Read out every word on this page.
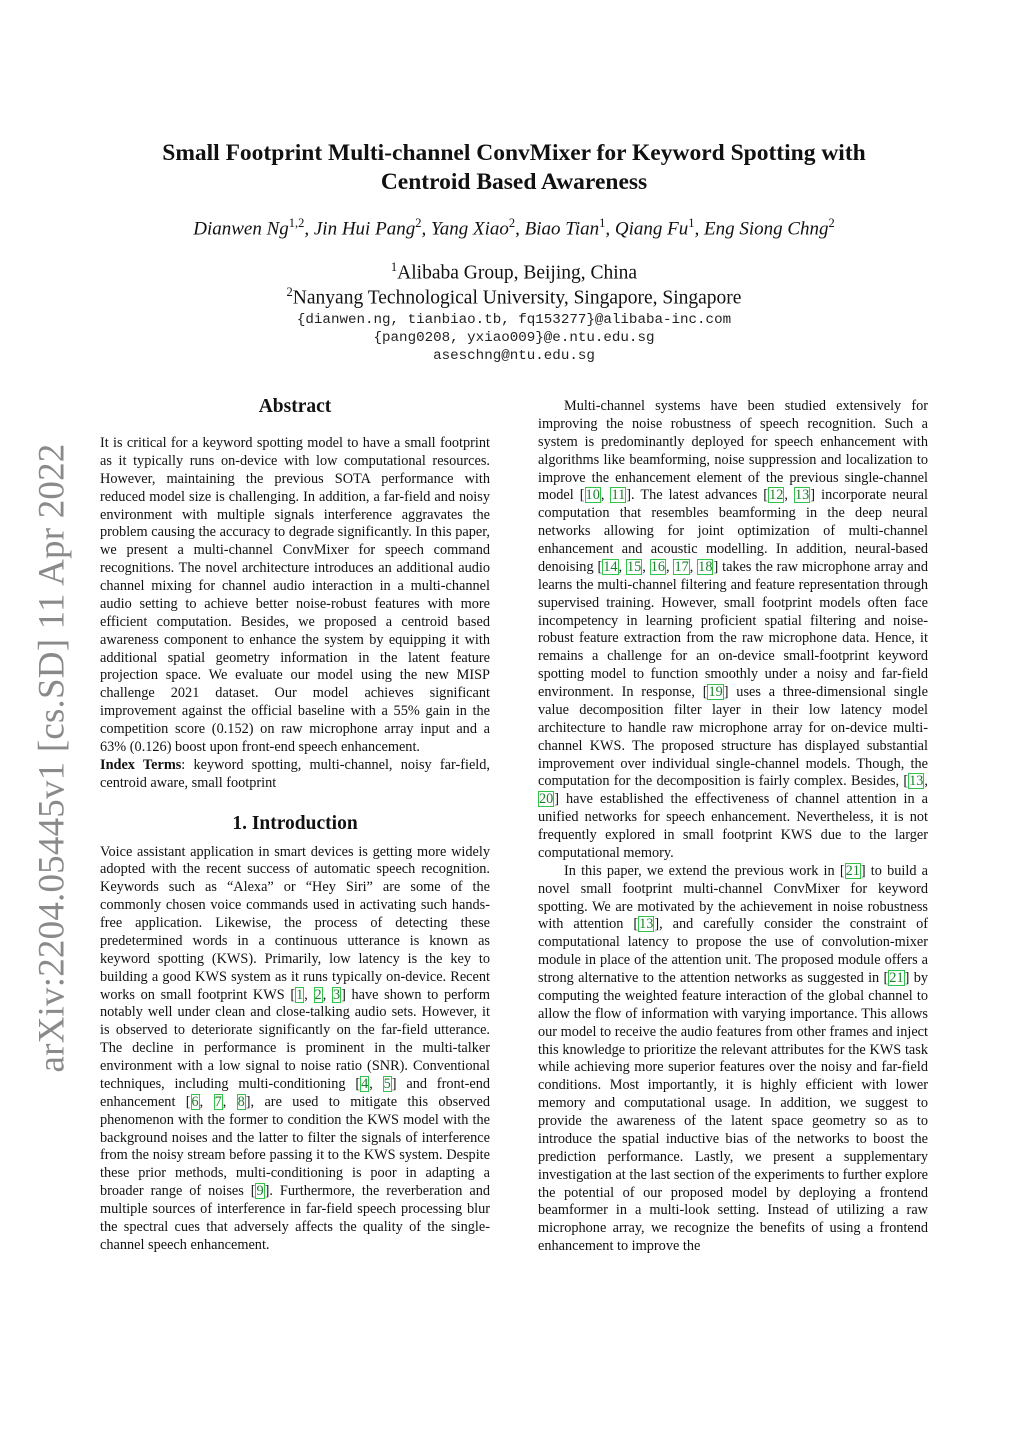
arXiv:2204.05445v1 [cs.SD] 11 Apr 2022
Small Footprint Multi-channel ConvMixer for Keyword Spotting with
Centroid Based Awareness
Dianwen Ng$^{1,2}$, Jin Hui Pang$^2$, Yang Xiao$^2$, Biao Tian$^1$, Qiang Fu$^1$, Eng Siong Chng$^2$
$^1$Alibaba Group, Beijing, China
$^2$Nanyang Technological University, Singapore, Singapore
{dianwen.ng, tianbiao.tb, fq153277}@alibaba-inc.com
{pang0208, yxiao009}@e.ntu.edu.sg
aseschng@ntu.edu.sg
Abstract

It is critical for a keyword spotting model to have a small footprint as it typically runs on-device with low computational resources. However, maintaining the previous SOTA performance with reduced model size is challenging. In addition, a far-field and noisy environment with multiple signals interference aggravates the problem causing the accuracy to degrade significantly. In this paper, we present a multi-channel ConvMixer for speech command recognitions. The novel architecture introduces an additional audio channel mixing for channel audio interaction in a multi-channel audio setting to achieve better noise-robust features with more efficient computation. Besides, we proposed a centroid based awareness component to enhance the system by equipping it with additional spatial geometry information in the latent feature projection space. We evaluate our model using the new MISP challenge 2021 dataset. Our model achieves significant improvement against the official baseline with a 55% gain in the competition score (0.152) on raw microphone array input and a 63% (0.126) boost upon front-end speech enhancement.

Index Terms: keyword spotting, multi-channel, noisy far-field, centroid aware, small footprint

1. Introduction

Voice assistant application in smart devices is getting more widely adopted with the recent success of automatic speech recognition. Keywords such as “Alexa” or “Hey Siri” are some of the commonly chosen voice commands used in activating such hands-free application. Likewise, the process of detecting these predetermined words in a continuous utterance is known as keyword spotting (KWS). Primarily, low latency is the key to building a good KWS system as it runs typically on-device. Recent works on small footprint KWS [1, 2, 3] have shown to perform notably well under clean and close-talking audio sets. However, it is observed to deteriorate significantly on the far-field utterance. The decline in performance is prominent in the multi-talker environment with a low signal to noise ratio (SNR). Conventional techniques, including multi-conditioning [4, 5] and front-end enhancement [6, 7, 8], are used to mitigate this observed phenomenon with the former to condition the KWS model with the background noises and the latter to filter the signals of interference from the noisy stream before passing it to the KWS system. Despite these prior methods, multi-conditioning is poor in adapting a broader range of noises [9]. Furthermore, the reverberation and multiple sources of interference in far-field speech processing blur the spectral cues that adversely affects the quality of the single-channel speech enhancement.

Multi-channel systems have been studied extensively for improving the noise robustness of speech recognition. Such a system is predominantly deployed for speech enhancement with algorithms like beamforming, noise suppression and localization to improve the enhancement element of the previous single-channel model [10, 11]. The latest advances [12, 13] incorporate neural computation that resembles beamforming in the deep neural networks allowing for joint optimization of multi-channel enhancement and acoustic modelling. In addition, neural-based denoising [14, 15, 16, 17, 18] takes the raw microphone array and learns the multi-channel filtering and feature representation through supervised training. However, small footprint models often face incompetency in learning proficient spatial filtering and noise-robust feature extraction from the raw microphone data. Hence, it remains a challenge for an on-device small-footprint keyword spotting model to function smoothly under a noisy and far-field environment. In response, [19] uses a three-dimensional single value decomposition filter layer in their low latency model architecture to handle raw microphone array for on-device multi-channel KWS. The proposed structure has displayed substantial improvement over individual single-channel models. Though, the computation for the decomposition is fairly complex. Besides, [13, 20] have established the effectiveness of channel attention in a unified networks for speech enhancement. Nevertheless, it is not frequently explored in small footprint KWS due to the larger computational memory.

In this paper, we extend the previous work in [21] to build a novel small footprint multi-channel ConvMixer for keyword spotting. We are motivated by the achievement in noise robustness with attention [13], and carefully consider the constraint of computational latency to propose the use of convolution-mixer module in place of the attention unit. The proposed module offers a strong alternative to the attention networks as suggested in [21] by computing the weighted feature interaction of the global channel to allow the flow of information with varying importance. This allows our model to receive the audio features from other frames and inject this knowledge to prioritize the relevant attributes for the KWS task while achieving more superior features over the noisy and far-field conditions. Most importantly, it is highly efficient with lower memory and computational usage. In addition, we suggest to provide the awareness of the latent space geometry so as to introduce the spatial inductive bias of the networks to boost the prediction performance. Lastly, we present a supplementary investigation at the last section of the experiments to further explore the potential of our proposed model by deploying a frontend beamformer in a multi-look setting. Instead of utilizing a raw microphone array, we recognize the benefits of using a frontend enhancement to improve the
